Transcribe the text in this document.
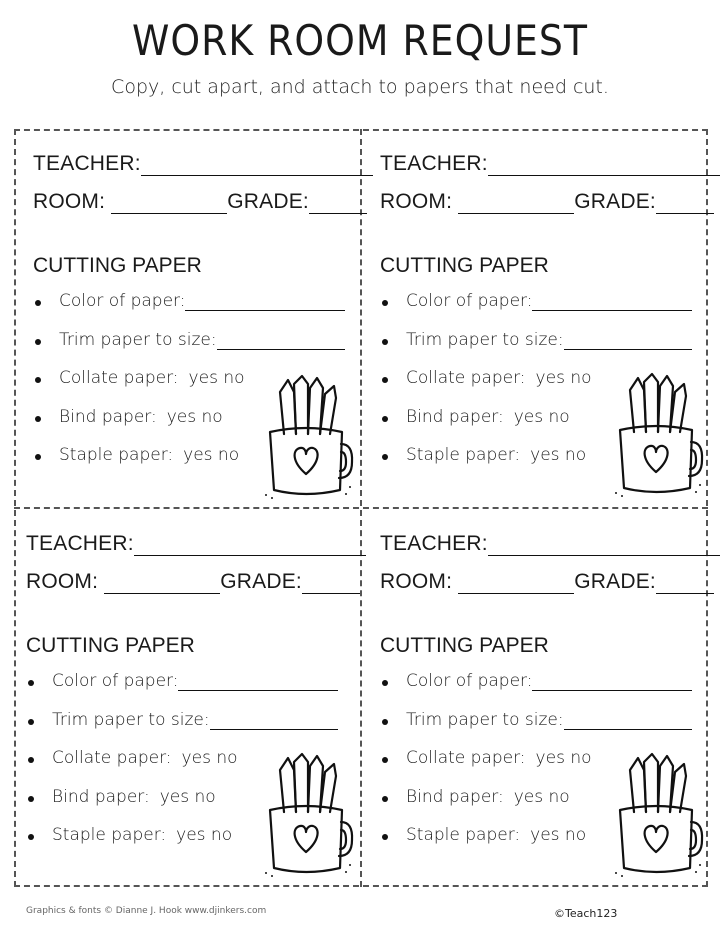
WORK ROOM REQUEST
Copy, cut apart, and attach to papers that need cut.
TEACHER:
ROOM:	GRADE:
CUTTING PAPER
Color of paper:
Trim paper to size:
Collate paper: yes no
Bind paper: yes no
Staple paper: yes no
TEACHER:
ROOM:	GRADE:
CUTTING PAPER
Color of paper:
Trim paper to size:
Collate paper: yes no
Bind paper: yes no
Staple paper: yes no
TEACHER:
ROOM:	GRADE:
CUTTING PAPER
Color of paper:
Trim paper to size:
Collate paper: yes no
Bind paper: yes no
Staple paper: yes no
TEACHER:
ROOM:	GRADE:
CUTTING PAPER
Color of paper:
Trim paper to size:
Collate paper: yes no
Bind paper: yes no
Staple paper: yes no
Graphics & fonts © Dianne J. Hook www.djinkers.com	©Teach123
